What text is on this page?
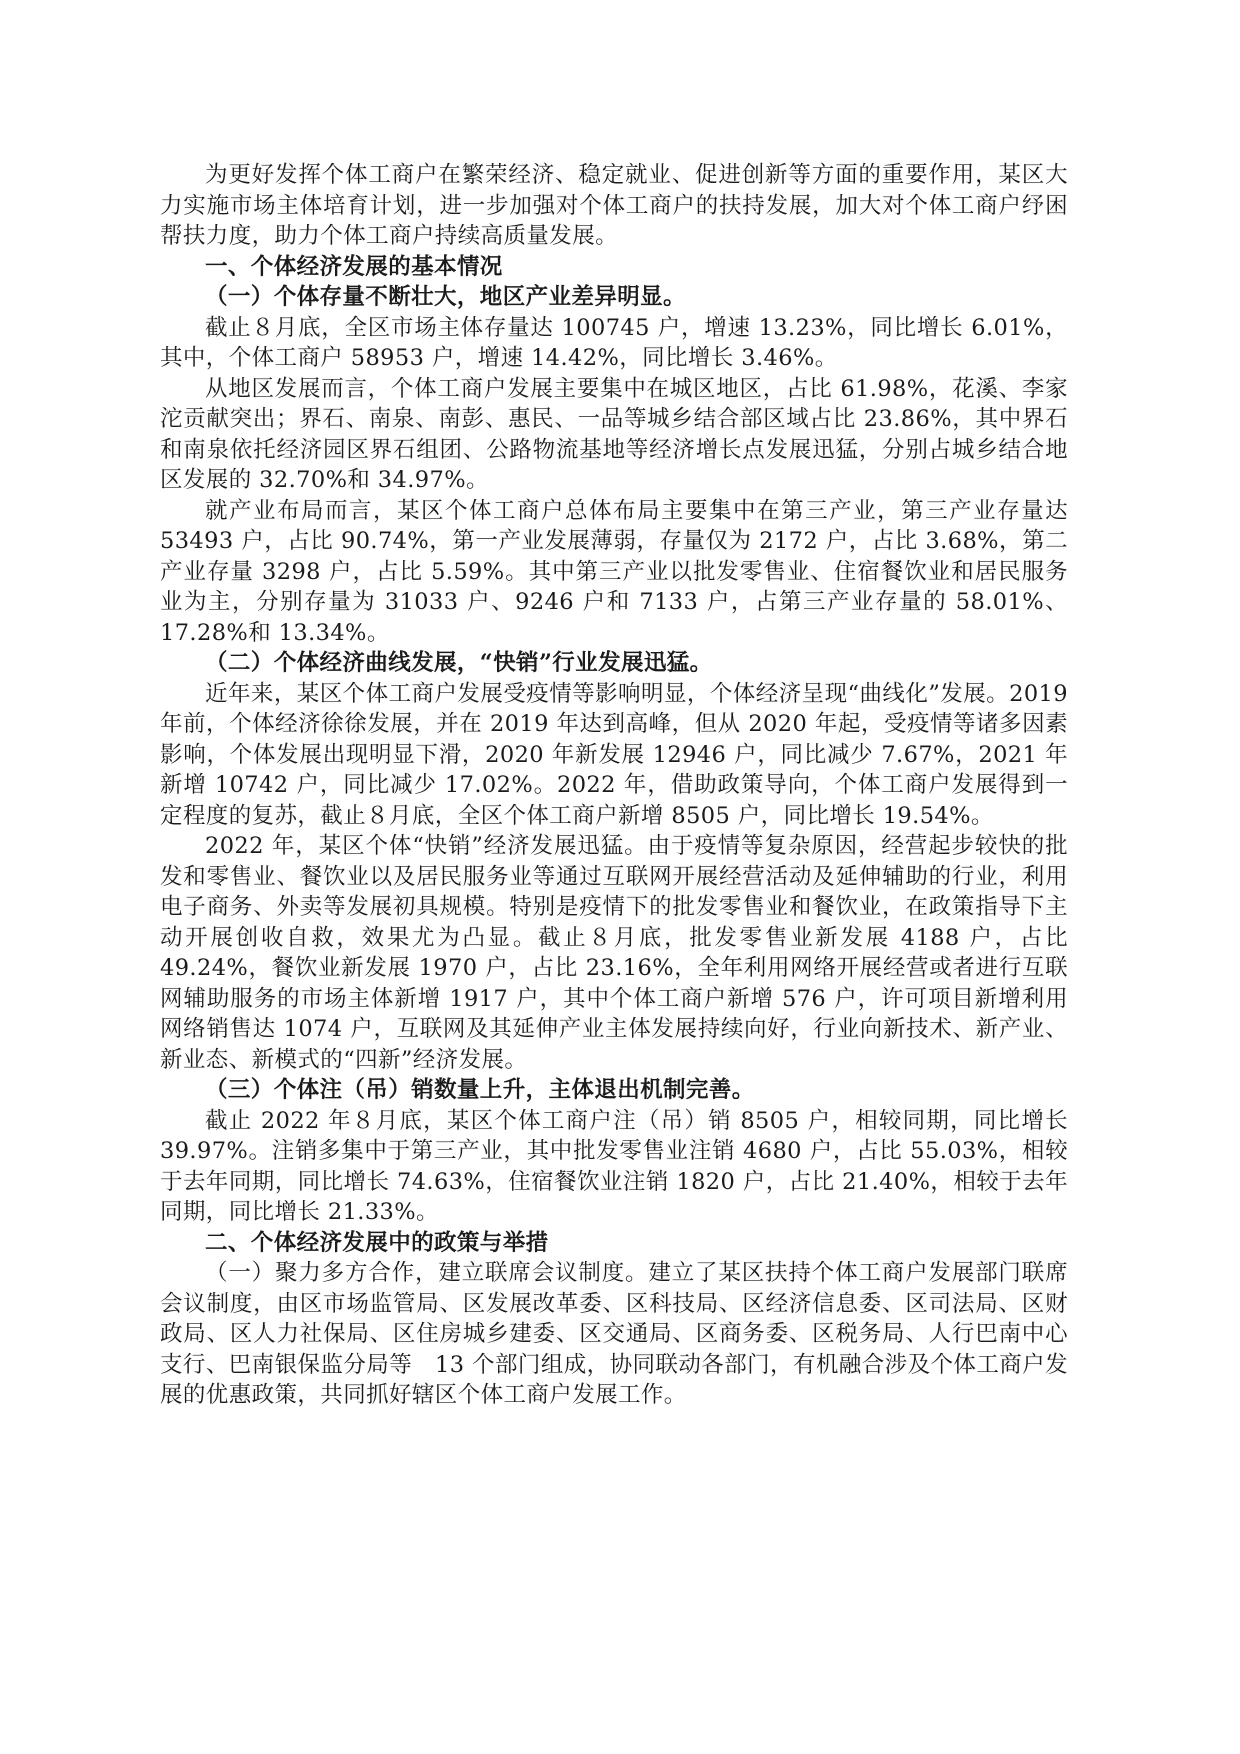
为更好发挥个体工商户在繁荣经济、稳定就业、促进创新等方面的重要作用，某区大力实施市场主体培育计划，进一步加强对个体工商户的扶持发展，加大对个体工商户纾困帮扶力度，助力个体工商户持续高质量发展。

一、个体经济发展的基本情况

（一）个体存量不断壮大，地区产业差异明显。

截止８月底，全区市场主体存量达 100745 户，增速 13.23%，同比增长 6.01%，其中，个体工商户 58953 户，增速 14.42%，同比增长 3.46%。

从地区发展而言，个体工商户发展主要集中在城区地区，占比 61.98%，花溪、李家沱贡献突出；界石、南泉、南彭、惠民、一品等城乡结合部区域占比 23.86%，其中界石和南泉依托经济园区界石组团、公路物流基地等经济增长点发展迅猛，分别占城乡结合地区发展的 32.70%和 34.97%。

就产业布局而言，某区个体工商户总体布局主要集中在第三产业，第三产业存量达 53493 户，占比 90.74%，第一产业发展薄弱，存量仅为 2172 户，占比 3.68%，第二产业存量 3298 户，占比 5.59%。其中第三产业以批发零售业、住宿餐饮业和居民服务业为主，分别存量为 31033 户、9246 户和 7133 户，占第三产业存量的 58.01%、17.28%和 13.34%。

（二）个体经济曲线发展，“快销”行业发展迅猛。

近年来，某区个体工商户发展受疫情等影响明显，个体经济呈现“曲线化”发展。2019 年前，个体经济徐徐发展，并在 2019 年达到高峰，但从 2020 年起，受疫情等诸多因素影响，个体发展出现明显下滑，2020 年新发展 12946 户，同比减少 7.67%，2021 年新增 10742 户，同比减少 17.02%。2022 年，借助政策导向，个体工商户发展得到一定程度的复苏，截止８月底，全区个体工商户新增 8505 户，同比增长 19.54%。

2022 年，某区个体“快销”经济发展迅猛。由于疫情等复杂原因，经营起步较快的批发和零售业、餐饮业以及居民服务业等通过互联网开展经营活动及延伸辅助的行业，利用电子商务、外卖等发展初具规模。特别是疫情下的批发零售业和餐饮业，在政策指导下主动开展创收自救，效果尤为凸显。截止８月底，批发零售业新发展 4188 户，占比 49.24%，餐饮业新发展 1970 户，占比 23.16%，全年利用网络开展经营或者进行互联网辅助服务的市场主体新增 1917 户，其中个体工商户新增 576 户，许可项目新增利用网络销售达 1074 户，互联网及其延伸产业主体发展持续向好，行业向新技术、新产业、新业态、新模式的“四新”经济发展。

（三）个体注（吊）销数量上升，主体退出机制完善。

截止 2022 年８月底，某区个体工商户注（吊）销 8505 户，相较同期，同比增长 39.97%。注销多集中于第三产业，其中批发零售业注销 4680 户，占比 55.03%，相较于去年同期，同比增长 74.63%，住宿餐饮业注销 1820 户，占比 21.40%，相较于去年同期，同比增长 21.33%。

二、个体经济发展中的政策与举措

（一）聚力多方合作，建立联席会议制度。建立了某区扶持个体工商户发展部门联席会议制度，由区市场监管局、区发展改革委、区科技局、区经济信息委、区司法局、区财政局、区人力社保局、区住房城乡建委、区交通局、区商务委、区税务局、人行巴南中心支行、巴南银保监分局等　13 个部门组成，协同联动各部门，有机融合涉及个体工商户发展的优惠政策，共同抓好辖区个体工商户发展工作。
